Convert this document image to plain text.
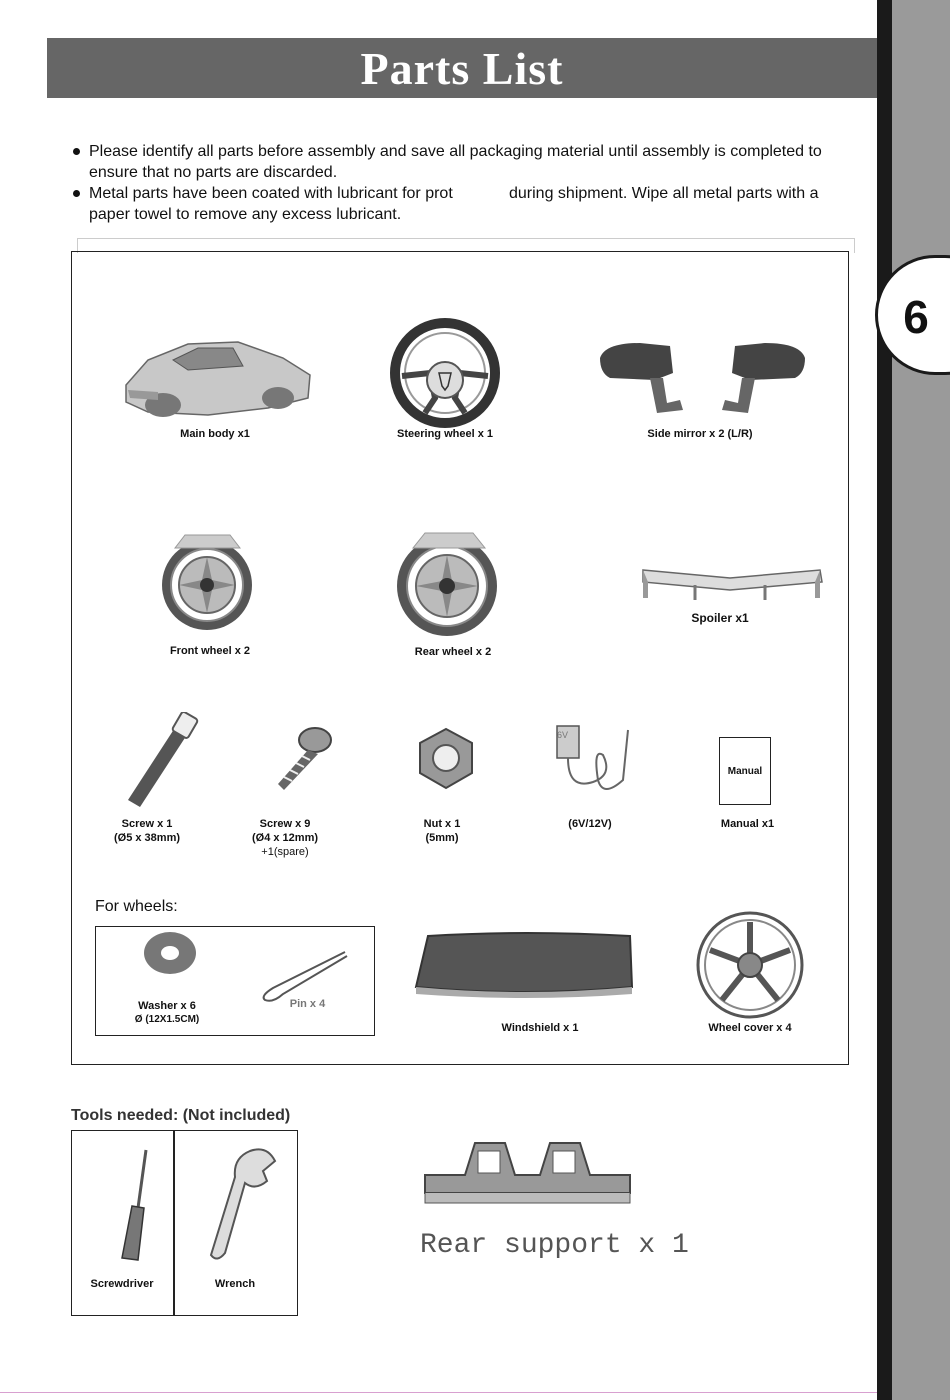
6
Parts List
Please identify all parts before assembly and save all packaging material until assembly is completed to
ensure that no parts are discarded.
Metal parts have been coated with lubricant for prot	during shipment. Wipe all metal parts with a
paper towel to remove any excess lubricant.
Main body x1	Steering wheel x 1	Side mirror x 2 (L/R)
Front wheel x 2	Rear wheel x 2
Spoiler x1
Screw x 1
(Ø5 x 38mm)
Screw x 9
(Ø4 x 12mm)
+1(spare)
Nut x 1
(5mm)
6V
(6V/12V)
Manual
Manual x1
For wheels:
Washer x 6
Ø (12X1.5CM)
Pin x 4
Windshield x 1	Wheel cover x 4
Tools needed: (Not included)
Screwdriver	Wrench
Rear support x 1
